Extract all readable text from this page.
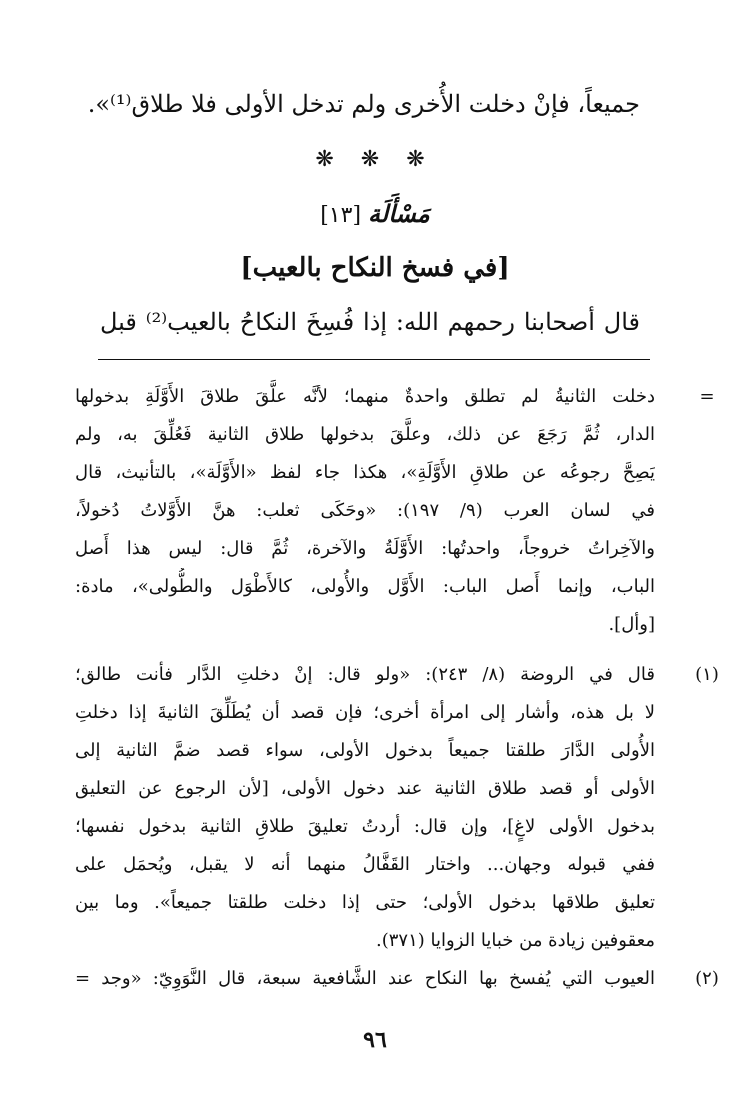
جميعاً، فإنْ دخلت الأُخرى ولم تدخل الأولى فلا طلاق⁽¹⁾».
❋ ❋ ❋
مَسْأَلَة [١٣]
[في فسخ النكاح بالعيب]
قال أصحابنا رحمهم الله: إذا فُسِخَ النكاحُ بالعيب⁽²⁾ قبل
=
دخلت الثانيةُ لم تطلق واحدةٌ منهما؛ لأنَّه علَّقَ طلاقَ الأَوَّلَةِ بدخولها
الدار، ثُمَّ رَجَعَ عن ذلك، وعلَّقَ بدخولها طلاق الثانية فَعُلِّقَ به، ولم
يَصِحَّ رجوعُه عن طلاقِ الأَوَّلَةِ»، هكذا جاء لفظ «الأَوَّلَة»، بالتأنيث، قال
في لسان العرب (٩/ ١٩٧): «وحَكَى ثعلب: هنَّ الأَوَّلاتُ دُخولاً،
والآخِراتُ خروجاً، واحدتُها: الأَوَّلَةُ والآخرة، ثُمَّ قال: ليس هذا أَصل
الباب، وإنما أَصل الباب: الأَوَّل والأُولى، كالأَطْوَل والطُّولى»، مادة:
[وأل].
(١)
قال في الروضة (٨/ ٢٤٣): «ولو قال: إنْ دخلتِ الدَّار فأنت طالق؛
لا بل هذه، وأشار إلى امرأة أخرى؛ فإن قصد أن يُطَلِّقَ الثانيةَ إذا دخلتِ
الأُولى الدَّارَ طلقتا جميعاً بدخول الأولى، سواء قصد ضمَّ الثانية إلى
الأولى أو قصد طلاق الثانية عند دخول الأولى، [لأن الرجوع عن التعليق
بدخول الأولى لاغٍ]، وإن قال: أردتُ تعليقَ طلاقِ الثانية بدخول نفسها؛
ففي قبوله وجهان... واختار القَفَّالُ منهما أنه لا يقبل، ويُحمَل على
تعليق طلاقها بدخول الأولى؛ حتى إذا دخلت طلقتا جميعاً». وما بين
معقوفين زيادة من خبايا الزوايا (٣٧١).
(٢)
العيوب التي يُفسخ بها النكاح عند الشَّافعية سبعة، قال النَّوَوِيّ: «وجد =
٩٦
